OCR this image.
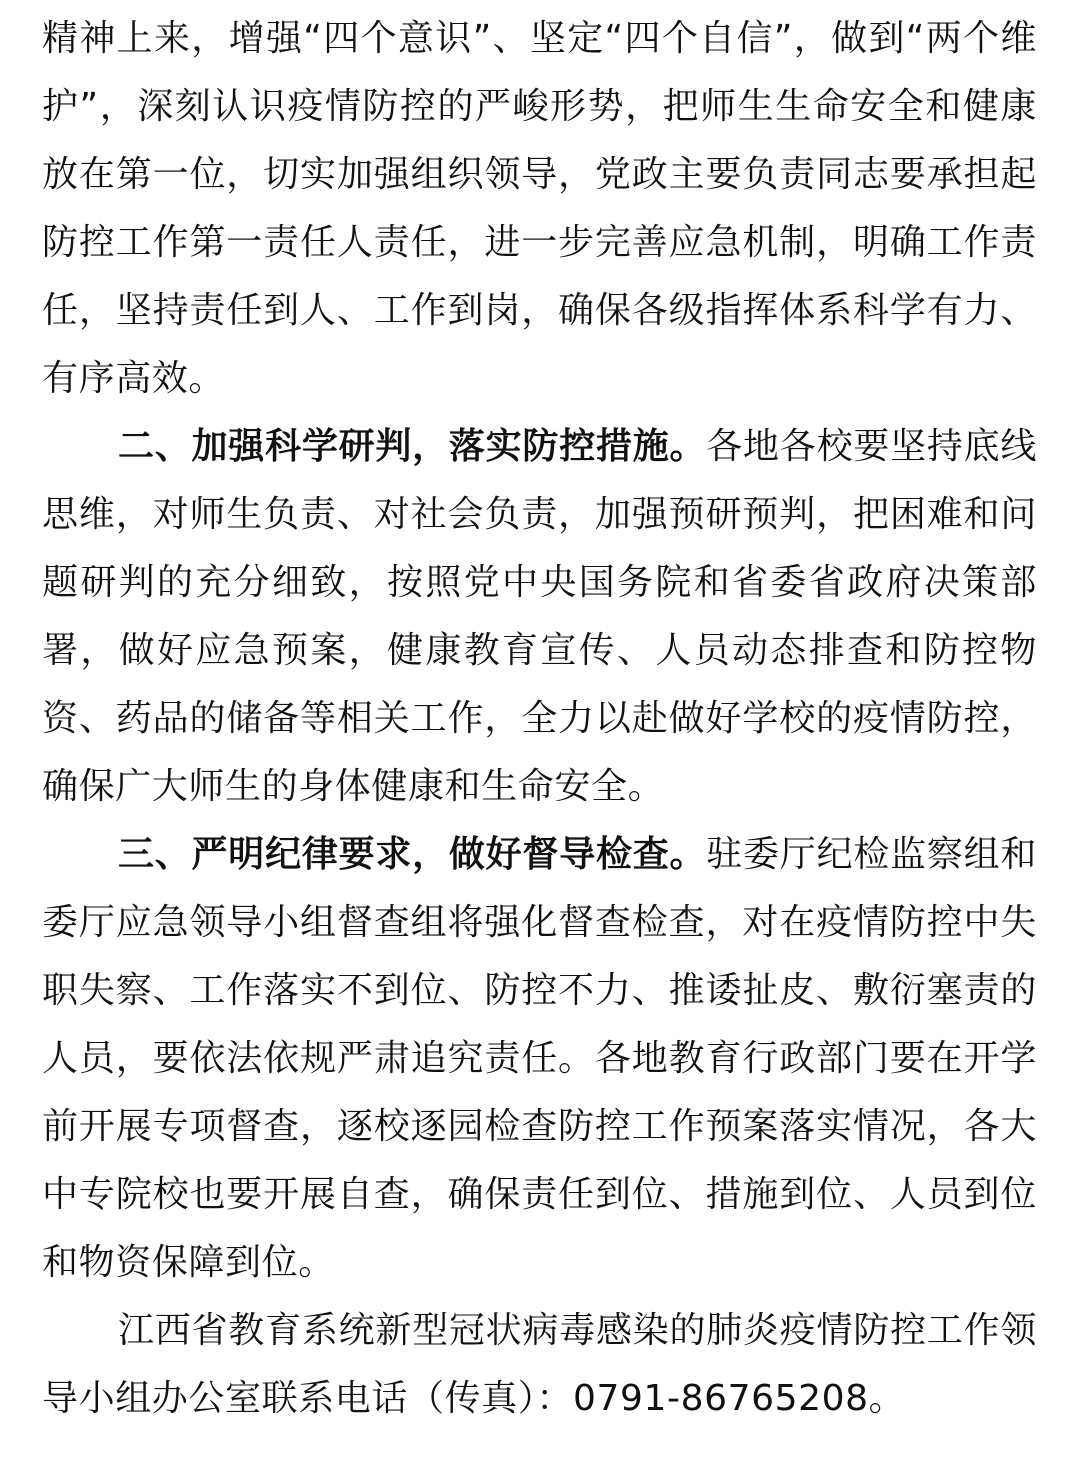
精神上来，增强“四个意识”、坚定“四个自信”，做到“两个维护”，深刻认识疫情防控的严峻形势，把师生生命安全和健康放在第一位，切实加强组织领导，党政主要负责同志要承担起防控工作第一责任人责任，进一步完善应急机制，明确工作责任，坚持责任到人、工作到岗，确保各级指挥体系科学有力、有序高效。

二、加强科学研判，落实防控措施。各地各校要坚持底线思维，对师生负责、对社会负责，加强预研预判，把困难和问题研判的充分细致，按照党中央国务院和省委省政府决策部署，做好应急预案，健康教育宣传、人员动态排查和防控物资、药品的储备等相关工作，全力以赴做好学校的疫情防控，确保广大师生的身体健康和生命安全。

三、严明纪律要求，做好督导检查。驻委厅纪检监察组和委厅应急领导小组督查组将强化督查检查，对在疫情防控中失职失察、工作落实不到位、防控不力、推诿扯皮、敷衍塞责的人员，要依法依规严肃追究责任。各地教育行政部门要在开学前开展专项督查，逐校逐园检查防控工作预案落实情况，各大中专院校也要开展自查，确保责任到位、措施到位、人员到位和物资保障到位。

江西省教育系统新型冠状病毒感染的肺炎疫情防控工作领导小组办公室联系电话（传真）：0791-86765208。
